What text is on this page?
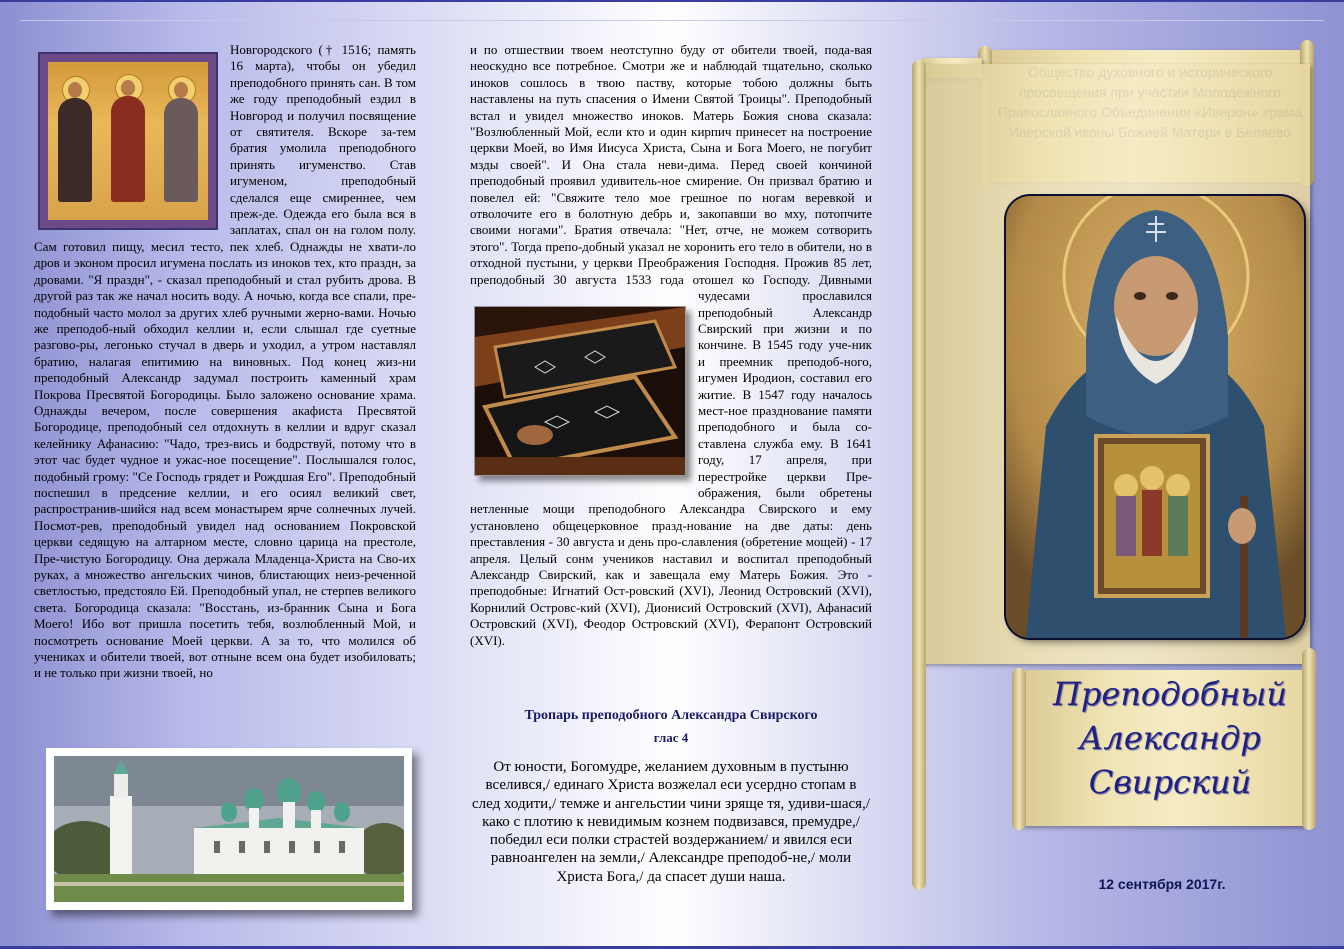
Новгородского († 1516; память 16 марта), чтобы он убедил преподобного принять сан. В том же году преподобный ездил в Новгород и получил посвящение от святителя. Вскоре за-тем братия умолила преподобного принять игуменство. Став игуменом, преподобный сделался еще смиреннее, чем преж-де. Одежда его была вся в заплатах, спал он на голом полу. Сам готовил пищу, месил тесто, пек хлеб. Однажды не хвати-ло дров и эконом просил игумена послать из иноков тех, кто праздн, за дровами. "Я праздн", - сказал преподобный и стал рубить дрова. В другой раз так же начал носить воду. А ночью, когда все спали, пре-подобный часто молол за других хлеб ручными жерно-вами. Ночью же преподоб-ный обходил келлии и, если слышал где суетные разгово-ры, легонько стучал в дверь и уходил, а утром наставлял братию, налагая епитимию на виновных. Под конец жиз-ни преподобный Александр задумал построить каменный храм Покрова Пресвятой Богородицы. Было заложено основание храма. Однажды вечером, после совершения акафиста Пресвятой Богородице, преподобный сел отдохнуть в келлии и вдруг сказал келейнику Афанасию: "Чадо, трез-вись и бодрствуй, потому что в этот час будет чудное и ужас-ное посещение". Послышался голос, подобный грому: "Се Господь грядет и Рождшая Его". Преподобный поспешил в предсение келлии, и его осиял великий свет, распространив-шийся над всем монастырем ярче солнечных лучей. Посмот-рев, преподобный увидел над основанием Покровской церкви седящую на алтарном месте, словно царица на престоле, Пре-чистую Богородицу. Она держала Младенца-Христа на Сво-их руках, а множество ангельских чинов, блистающих неиз-реченной светлостью, предстояло Ей. Преподобный упал, не стерпев великого света. Богородица сказала: "Восстань, из-бранник Сына и Бога Моего! Ибо вот пришла посетить тебя, возлюбленный Мой, и посмотреть основание Моей церкви. А за то, что молился об учениках и обители твоей, вот отныне всем она будет изобиловать; и не только при жизни твоей, но

и по отшествии твоем неотступно буду от обители твоей, пода-вая неоскудно все потребное. Смотри же и наблюдай тщательно, сколько иноков сошлось в твою паству, которые тобою должны быть наставлены на путь спасения о Имени Святой Троицы". Преподобный встал и увидел множество иноков. Матерь Божия снова сказала: "Возлюбленный Мой, если кто и один кирпич принесет на построение церкви Моей, во Имя Иисуса Христа, Сына и Бога Моего, не погубит мзды своей". И Она стала неви-дима. Перед своей кончиной преподобный проявил удивитель-ное смирение. Он призвал братию и повелел ей: "Свяжите тело мое грешное по ногам веревкой и отволочите его в болотную дебрь и, закопавши во мху, потопчите своими ногами". Братия отвечала: "Нет, отче, не можем сотворить этого". Тогда препо-добный указал не хоронить его тело в обители, но в отходной пустыни, у церкви Преображения Господня. Прожив 85 лет, преподобный 30 августа 1533 года отошел ко Господу. Дивными чудесами прославился преподобный Александр Свирский при жизни и по кончине. В 1545 году уче-ник и преемник преподоб-ного, игумен Иродион, составил его житие. В 1547 году началось мест-ное празднование памяти преподобного и была со-ставлена служба ему. В 1641 году, 17 апреля, при перестройке церкви Пре-ображения, были обретены нетленные мощи преподобного Александра Свирского и ему установлено общецерковное празд-нование на две даты: день преставления - 30 августа и день про-славления (обретение мощей) - 17 апреля. Целый сонм учеников наставил и воспитал преподобный Александр Свирский, как и завещала ему Матерь Божия. Это - преподобные: Игнатий Ост-ровский (XVI), Леонид Островский (XVI), Корнилий Островс-кий (XVI), Дионисий Островский (XVI), Афанасий Островский (XVI), Феодор Островский (XVI), Ферапонт Островский (XVI).

Тропарь преподобного Александра Свирского

глас 4

От юности, Богомудре, желанием духовным в пустыню вселився,/ единаго Христа возжелал еси усердно стопам в след ходити,/ темже и ангельстии чини зряще тя, удиви-шася,/ како с плотию к невидимым кознем подвизався, премудре,/ победил еси полки страстей воздержанием/ и явился еси равноангелен на земли,/ Александре преподоб-не,/ моли Христа Бога,/ да спасет души наша.

Преподобный
Александр
Свирский
12 сентября 2017г.
